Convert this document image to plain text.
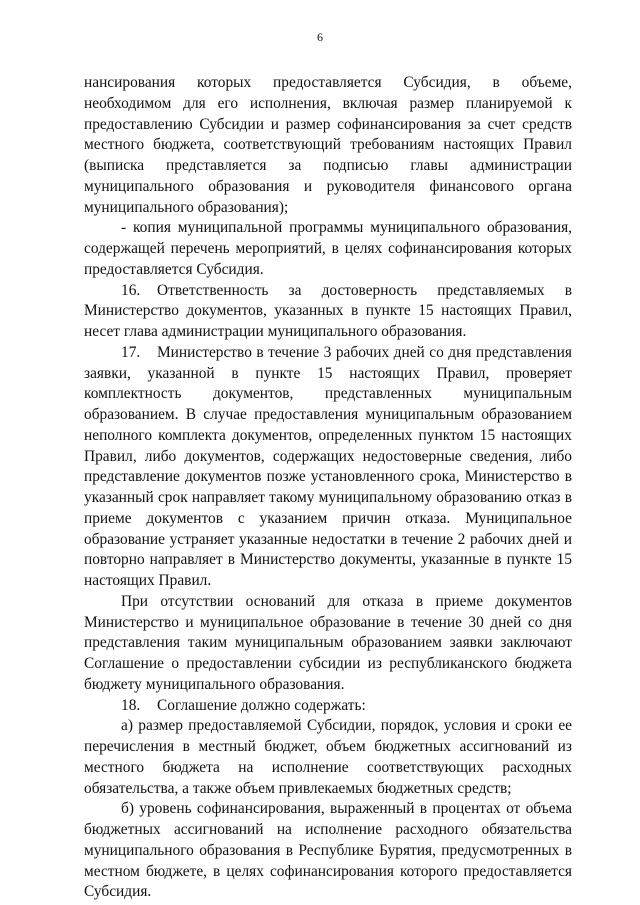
6

нансирования которых предоставляется Субсидия, в объеме, необходимом для его исполнения, включая размер планируемой к предоставлению Субсидии и размер софинансирования за счет средств местного бюджета, соответствующий требованиям настоящих Правил (выписка представляется за подписью главы администрации муниципального образования и руководителя финансового органа муниципального образования);

- копия муниципальной программы муниципального образования, содержащей перечень мероприятий, в целях софинансирования которых предоставляется Субсидия.

16. Ответственность за достоверность представляемых в Министерство документов, указанных в пункте 15 настоящих Правил, несет глава администрации муниципального образования.

17. Министерство в течение 3 рабочих дней со дня представления заявки, указанной в пункте 15 настоящих Правил, проверяет комплектность документов, представленных муниципальным образованием. В случае предоставления муниципальным образованием неполного комплекта документов, определенных пунктом 15 настоящих Правил, либо документов, содержащих недостоверные сведения, либо представление документов позже установленного срока, Министерство в указанный срок направляет такому муниципальному образованию отказ в приеме документов с указанием причин отказа. Муниципальное образование устраняет указанные недостатки в течение 2 рабочих дней и повторно направляет в Министерство документы, указанные в пункте 15 настоящих Правил.

При отсутствии оснований для отказа в приеме документов Министерство и муниципальное образование в течение 30 дней со дня представления таким муниципальным образованием заявки заключают Соглашение о предоставлении субсидии из республиканского бюджета бюджету муниципального образования.

18. Соглашение должно содержать:

а) размер предоставляемой Субсидии, порядок, условия и сроки ее перечисления в местный бюджет, объем бюджетных ассигнований из местного бюджета на исполнение соответствующих расходных обязательства, а также объем привлекаемых бюджетных средств;

б) уровень софинансирования, выраженный в процентах от объема бюджетных ассигнований на исполнение расходного обязательства муниципального образования в Республике Бурятия, предусмотренных в местном бюджете, в целях софинансирования которого предоставляется Субсидия.
